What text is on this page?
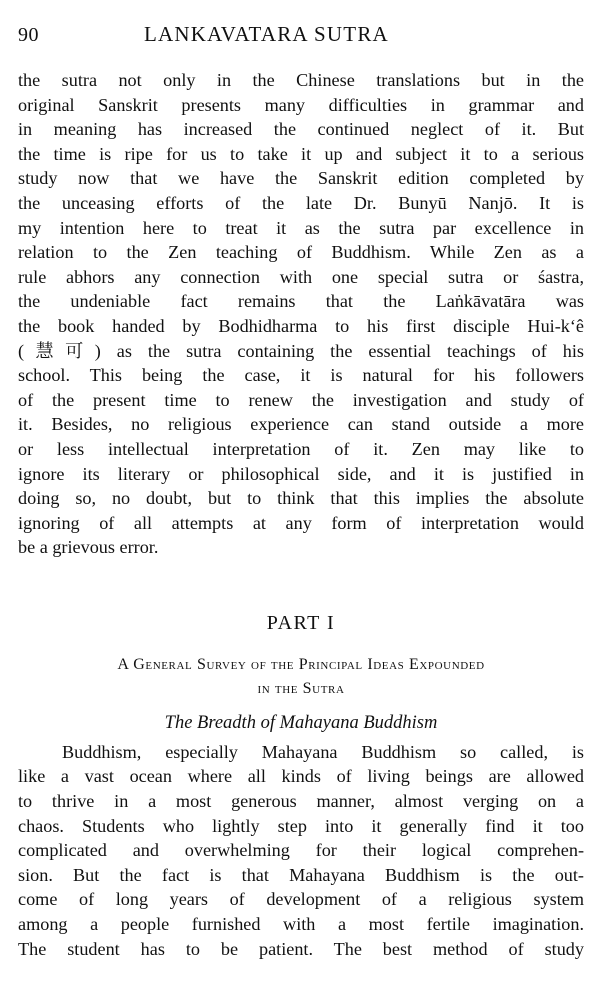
90	LANKAVATARA SUTRA
the sutra not only in the Chinese translations but in the
original Sanskrit presents many difficulties in grammar and
in meaning has increased the continued neglect of it. But
the time is ripe for us to take it up and subject it to a serious
study now that we have the Sanskrit edition completed by
the unceasing efforts of the late Dr. Bunyū Nanjō. It is
my intention here to treat it as the sutra par excellence in
relation to the Zen teaching of Buddhism. While Zen as a
rule abhors any connection with one special sutra or śastra,
the undeniable fact remains that the Laṅkāvatāra was
the book handed by Bodhidharma to his first disciple Hui-k‘ê
(慧可) as the sutra containing the essential teachings of his
school. This being the case, it is natural for his followers
of the present time to renew the investigation and study of
it. Besides, no religious experience can stand outside a more
or less intellectual interpretation of it. Zen may like to
ignore its literary or philosophical side, and it is justified in
doing so, no doubt, but to think that this implies the absolute
ignoring of all attempts at any form of interpretation would
be a grievous error.
PART I
A General Survey of the Principal Ideas Expounded
in the Sutra
The Breadth of Mahayana Buddhism
Buddhism, especially Mahayana Buddhism so called, is
like a vast ocean where all kinds of living beings are allowed
to thrive in a most generous manner, almost verging on a
chaos. Students who lightly step into it generally find it too
complicated and overwhelming for their logical comprehen-
sion. But the fact is that Mahayana Buddhism is the out-
come of long years of development of a religious system
among a people furnished with a most fertile imagination.
The student has to be patient. The best method of study
